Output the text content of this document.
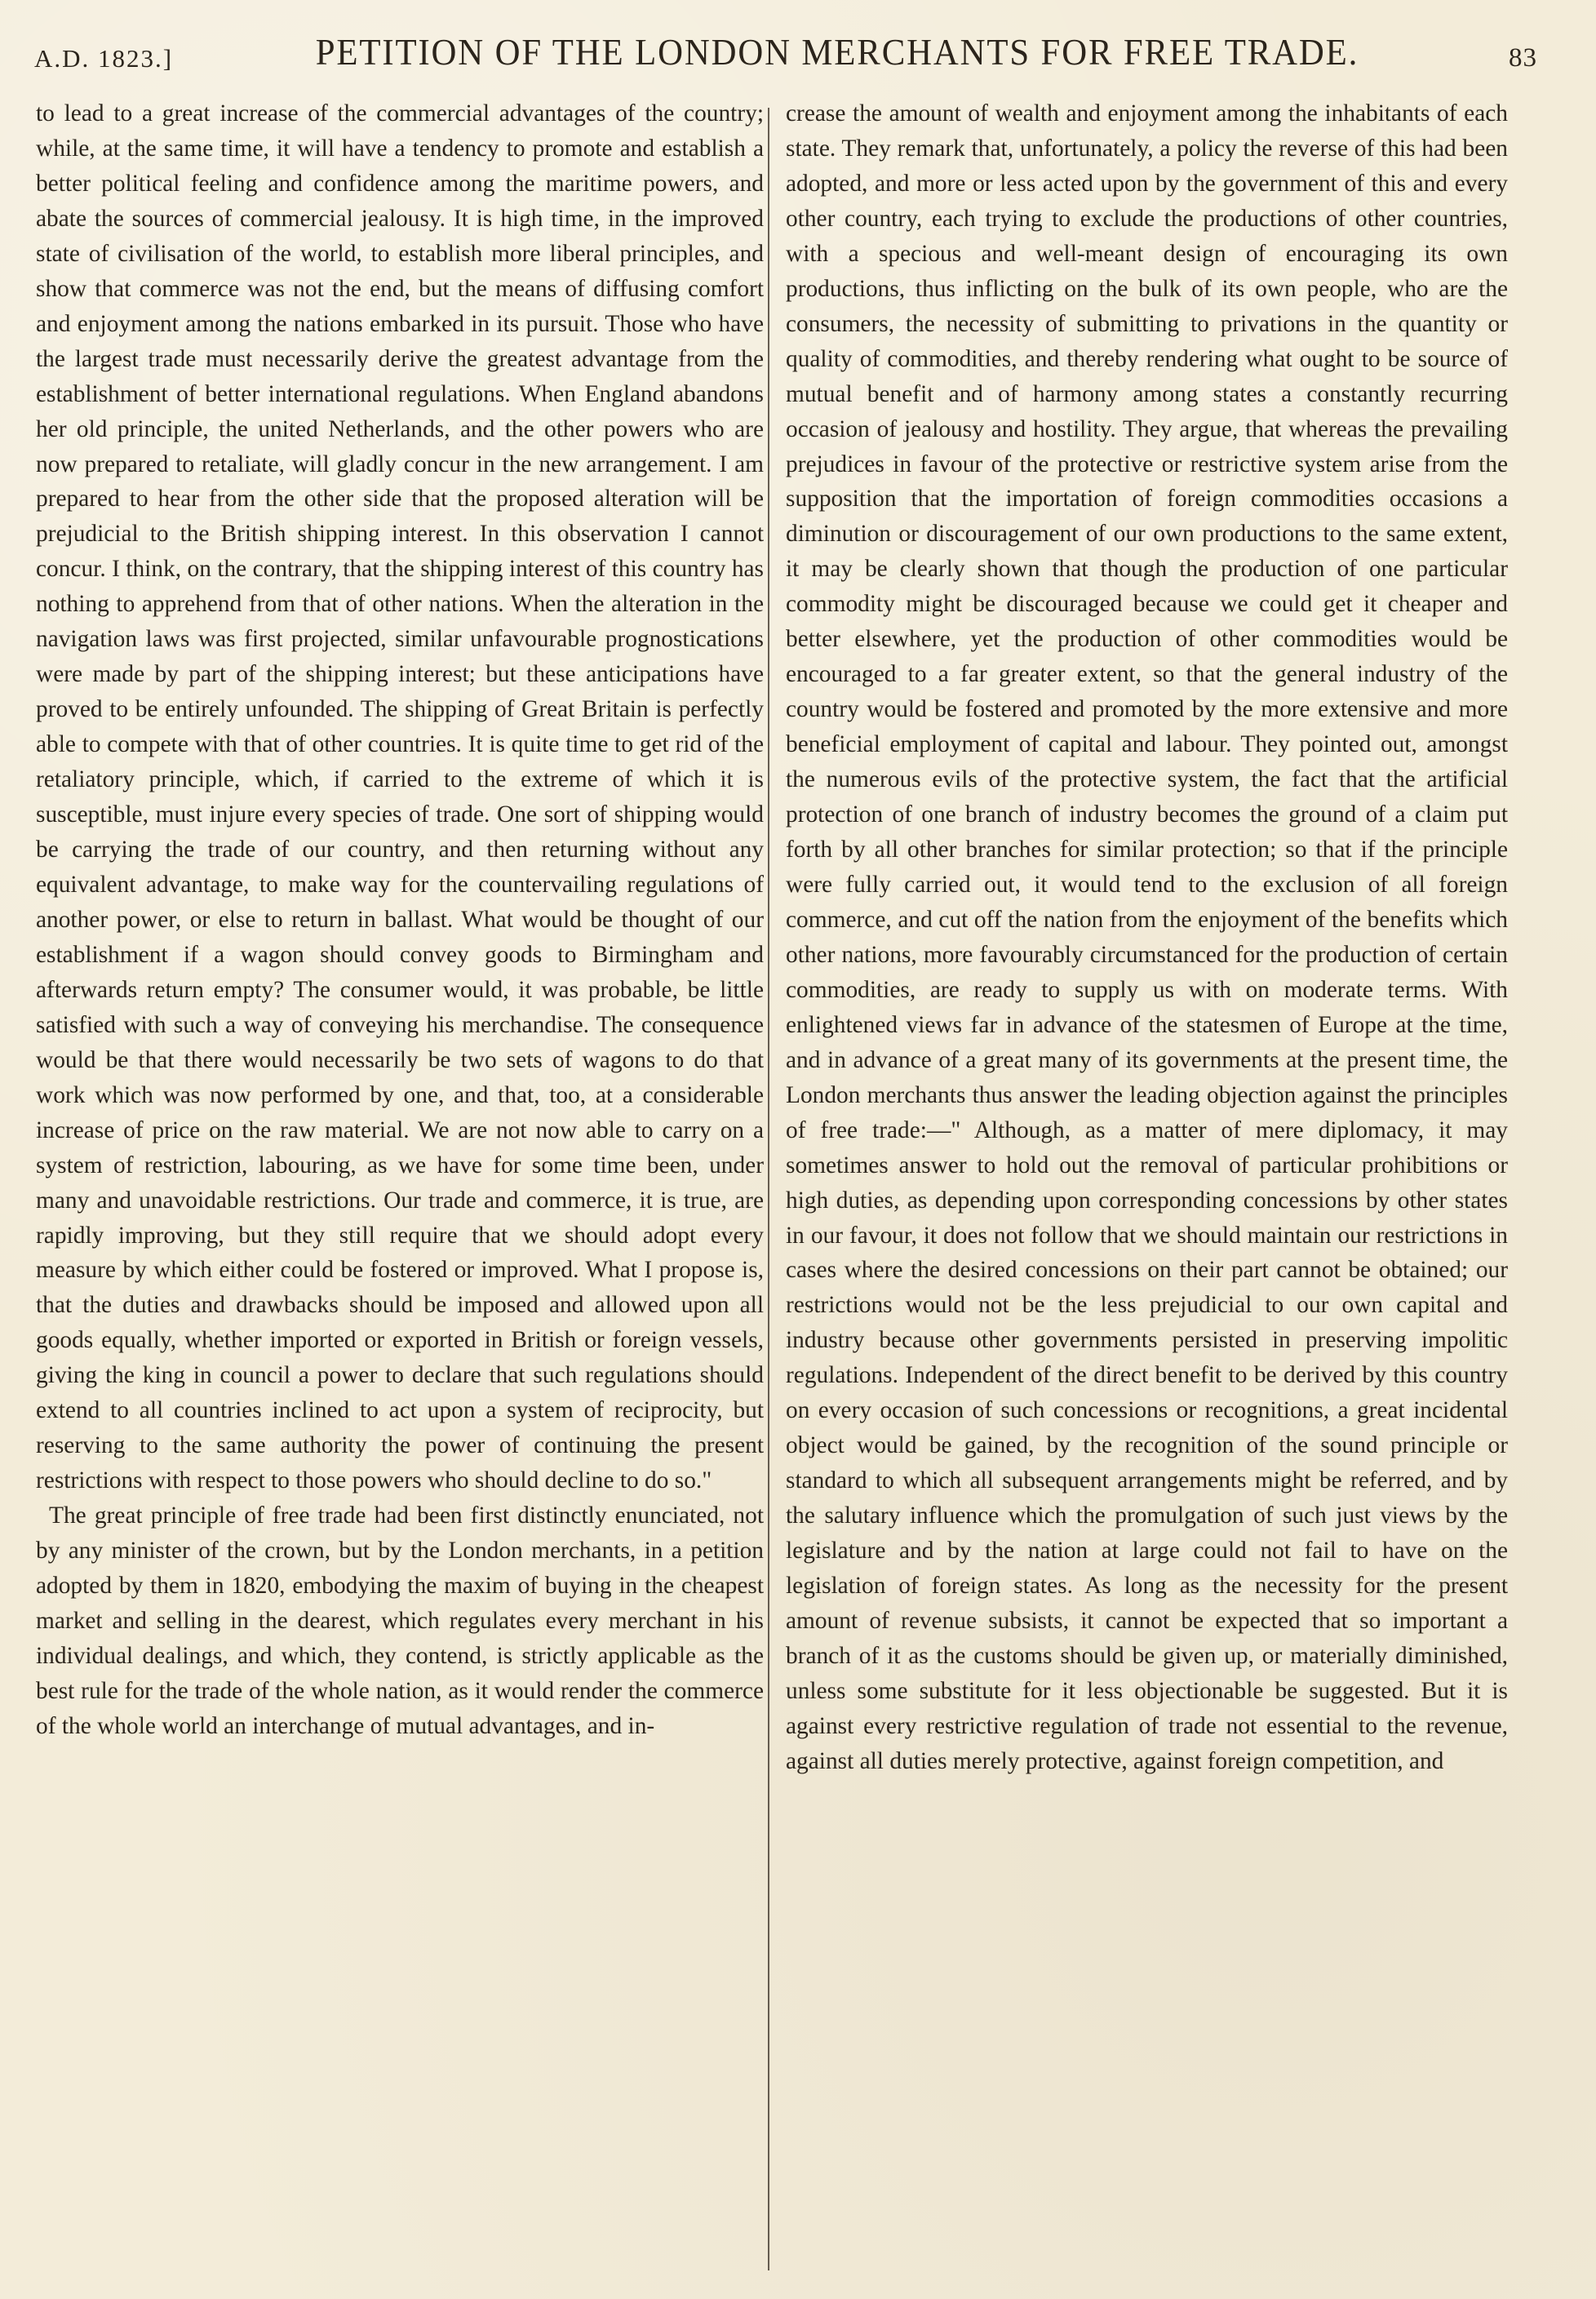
A.D. 1823.]	PETITION OF THE LONDON MERCHANTS FOR FREE TRADE.	83

to lead to a great increase of the commercial advantages of the country; while, at the same time, it will have a tendency to promote and establish a better political feeling and confidence among the maritime powers, and abate the sources of commercial jealousy. It is high time, in the improved state of civilisation of the world, to establish more liberal principles, and show that commerce was not the end, but the means of diffusing comfort and enjoyment among the nations embarked in its pursuit. Those who have the largest trade must necessarily derive the greatest advantage from the establishment of better international regulations. When England abandons her old principle, the united Netherlands, and the other powers who are now prepared to retaliate, will gladly concur in the new arrangement. I am prepared to hear from the other side that the proposed alteration will be prejudicial to the British shipping interest. In this observation I cannot concur. I think, on the contrary, that the shipping interest of this country has nothing to apprehend from that of other nations. When the alteration in the navigation laws was first projected, similar unfavourable prognostications were made by part of the shipping interest; but these anticipations have proved to be entirely unfounded. The shipping of Great Britain is perfectly able to compete with that of other countries. It is quite time to get rid of the retaliatory principle, which, if carried to the extreme of which it is susceptible, must injure every species of trade. One sort of shipping would be carrying the trade of our country, and then returning without any equivalent advantage, to make way for the countervailing regulations of another power, or else to return in ballast. What would be thought of our establishment if a wagon should convey goods to Birmingham and afterwards return empty? The consumer would, it was probable, be little satisfied with such a way of conveying his merchandise. The consequence would be that there would necessarily be two sets of wagons to do that work which was now performed by one, and that, too, at a considerable increase of price on the raw material. We are not now able to carry on a system of restriction, labouring, as we have for some time been, under many and unavoidable restrictions. Our trade and commerce, it is true, are rapidly improving, but they still require that we should adopt every measure by which either could be fostered or improved. What I propose is, that the duties and drawbacks should be imposed and allowed upon all goods equally, whether imported or exported in British or foreign vessels, giving the king in council a power to declare that such regulations should extend to all countries inclined to act upon a system of reciprocity, but reserving to the same authority the power of continuing the present restrictions with respect to those powers who should decline to do so."

The great principle of free trade had been first distinctly enunciated, not by any minister of the crown, but by the London merchants, in a petition adopted by them in 1820, embodying the maxim of buying in the cheapest market and selling in the dearest, which regulates every merchant in his individual dealings, and which, they contend, is strictly applicable as the best rule for the trade of the whole nation, as it would render the commerce of the whole world an interchange of mutual advantages, and in-

crease the amount of wealth and enjoyment among the inhabitants of each state. They remark that, unfortunately, a policy the reverse of this had been adopted, and more or less acted upon by the government of this and every other country, each trying to exclude the productions of other countries, with a specious and well-meant design of encouraging its own productions, thus inflicting on the bulk of its own people, who are the consumers, the necessity of submitting to privations in the quantity or quality of commodities, and thereby rendering what ought to be source of mutual benefit and of harmony among states a constantly recurring occasion of jealousy and hostility. They argue, that whereas the prevailing prejudices in favour of the protective or restrictive system arise from the supposition that the importation of foreign commodities occasions a diminution or discouragement of our own productions to the same extent, it may be clearly shown that though the production of one particular commodity might be discouraged because we could get it cheaper and better elsewhere, yet the production of other commodities would be encouraged to a far greater extent, so that the general industry of the country would be fostered and promoted by the more extensive and more beneficial employment of capital and labour. They pointed out, amongst the numerous evils of the protective system, the fact that the artificial protection of one branch of industry becomes the ground of a claim put forth by all other branches for similar protection; so that if the principle were fully carried out, it would tend to the exclusion of all foreign commerce, and cut off the nation from the enjoyment of the benefits which other nations, more favourably circumstanced for the production of certain commodities, are ready to supply us with on moderate terms. With enlightened views far in advance of the statesmen of Europe at the time, and in advance of a great many of its governments at the present time, the London merchants thus answer the leading objection against the principles of free trade:—" Although, as a matter of mere diplomacy, it may sometimes answer to hold out the removal of particular prohibitions or high duties, as depending upon corresponding concessions by other states in our favour, it does not follow that we should maintain our restrictions in cases where the desired concessions on their part cannot be obtained; our restrictions would not be the less prejudicial to our own capital and industry because other governments persisted in preserving impolitic regulations. Independent of the direct benefit to be derived by this country on every occasion of such concessions or recognitions, a great incidental object would be gained, by the recognition of the sound principle or standard to which all subsequent arrangements might be referred, and by the salutary influence which the promulgation of such just views by the legislature and by the nation at large could not fail to have on the legislation of foreign states. As long as the necessity for the present amount of revenue subsists, it cannot be expected that so important a branch of it as the customs should be given up, or materially diminished, unless some substitute for it less objectionable be suggested. But it is against every restrictive regulation of trade not essential to the revenue, against all duties merely protective, against foreign competition, and
